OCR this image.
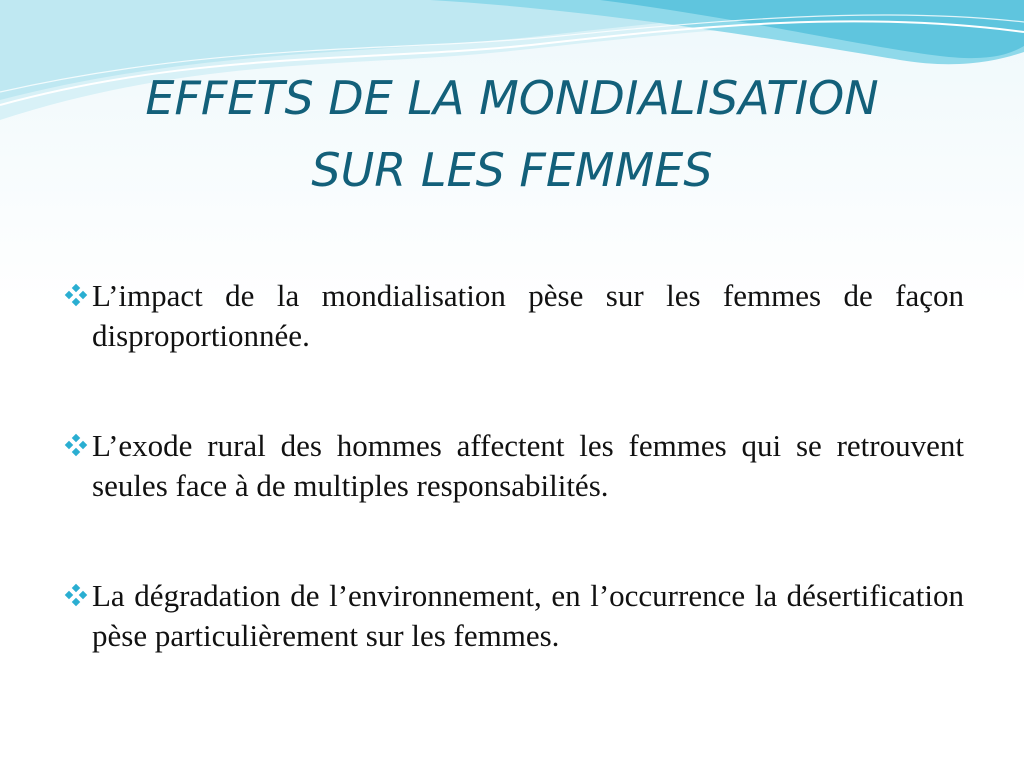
EFFETS DE LA MONDIALISATION
SUR LES FEMMES
L’impact de la mondialisation pèse sur les femmes de façon disproportionnée.
L’exode rural des hommes affectent les femmes qui se retrouvent seules face à de multiples responsabilités.
La dégradation de l’environnement, en l’occurrence la désertification pèse particulièrement sur les femmes.
